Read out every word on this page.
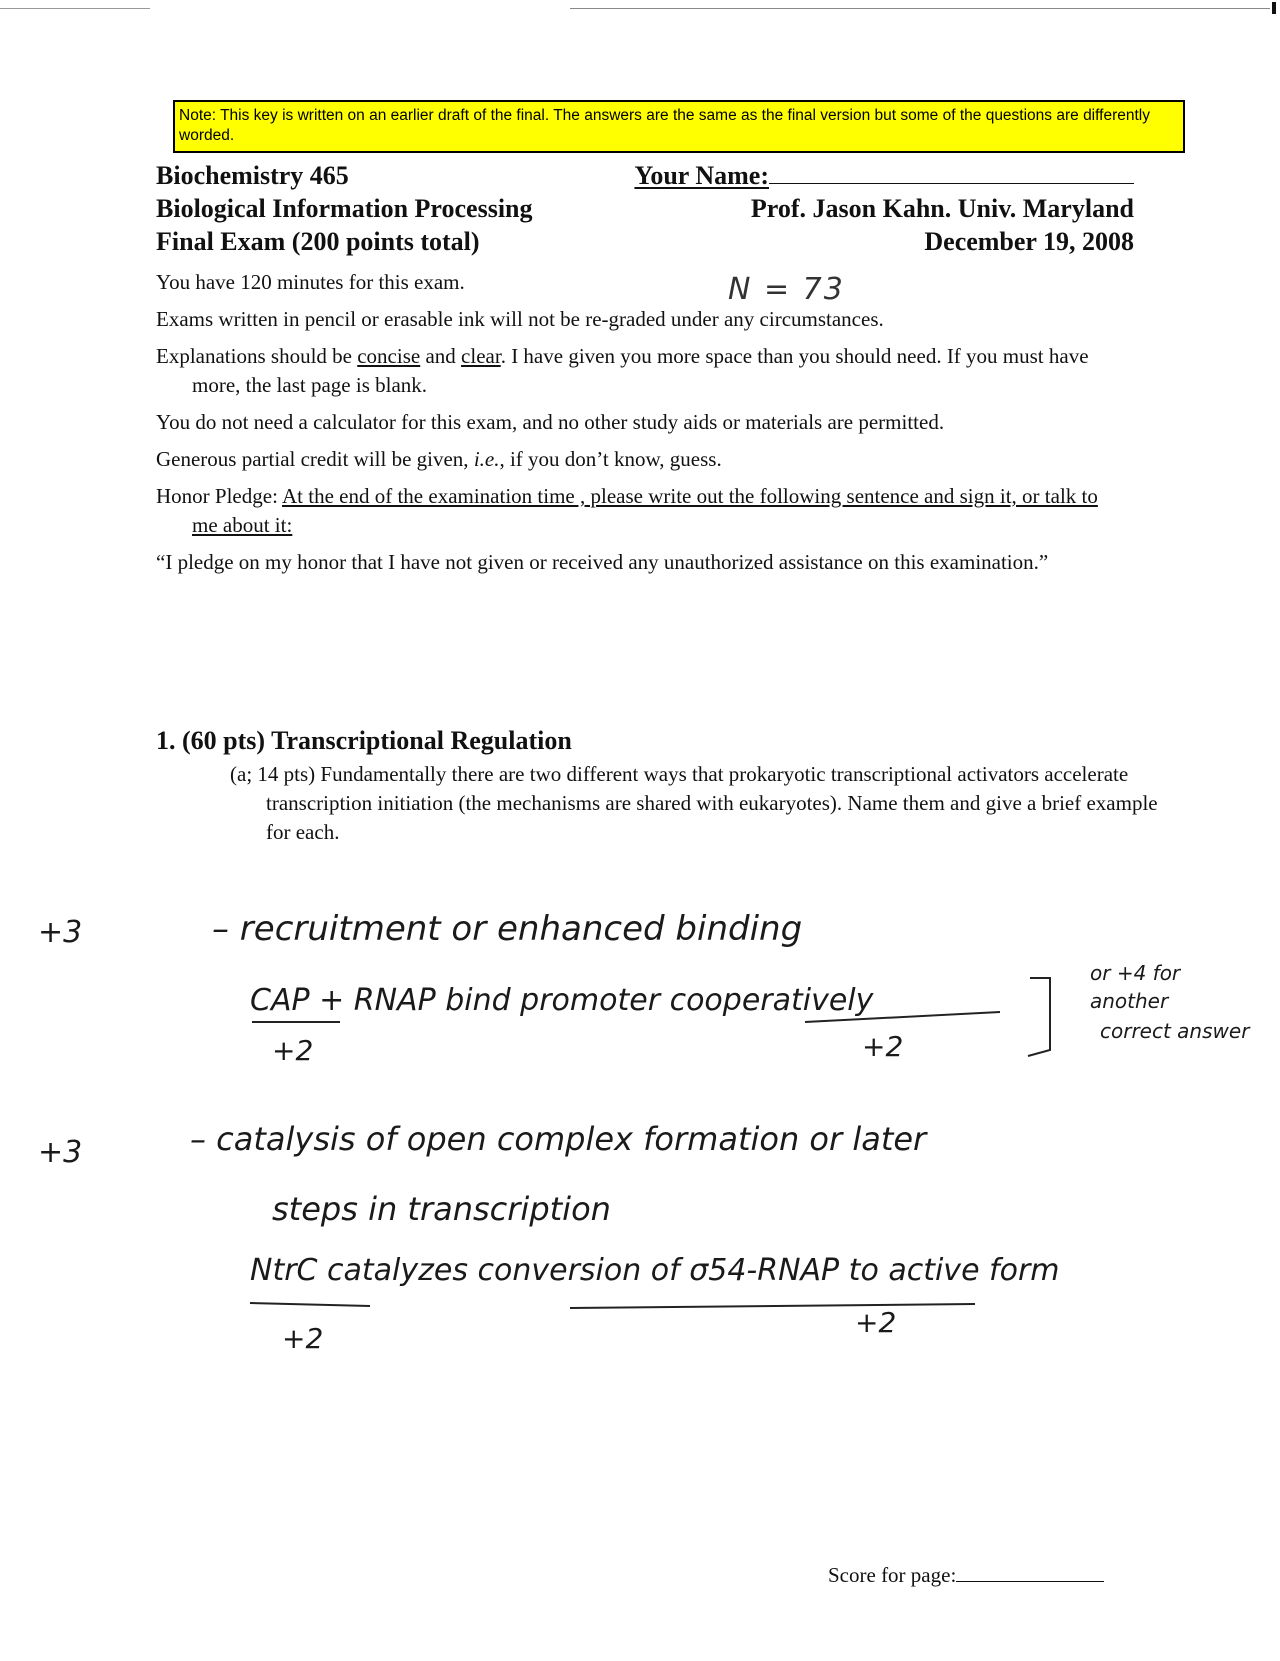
Note: This key is written on an earlier draft of the final. The answers are the same as the final version but some of the questions are differently worded.
Biochemistry 465
Biological Information Processing
Final Exam (200 points total)
Your Name:
Prof. Jason Kahn. Univ. Maryland
December 19, 2008
N = 73

You have 120 minutes for this exam.

Exams written in pencil or erasable ink will not be re-graded under any circumstances.

Explanations should be concise and clear. I have given you more space than you should need. If you must have more, the last page is blank.

You do not need a calculator for this exam, and no other study aids or materials are permitted.

Generous partial credit will be given, i.e., if you don’t know, guess.

Honor Pledge: At the end of the examination time , please write out the following sentence and sign it, or talk to me about it:

“I pledge on my honor that I have not given or received any unauthorized assistance on this examination.”

1. (60 pts) Transcriptional Regulation
(a; 14 pts) Fundamentally there are two different ways that prokaryotic transcriptional activators accelerate transcription initiation (the mechanisms are shared with eukaryotes). Name them and give a brief example for each.
+3	– recruitment or enhanced binding
CAP + RNAP bind promoter cooperatively
or +4 for
another
correct answer
+2	+2
+3	– catalysis of open complex formation or later
steps in transcription
NtrC catalyzes conversion of σ54-RNAP to active form
+2	+2
Score for page:
